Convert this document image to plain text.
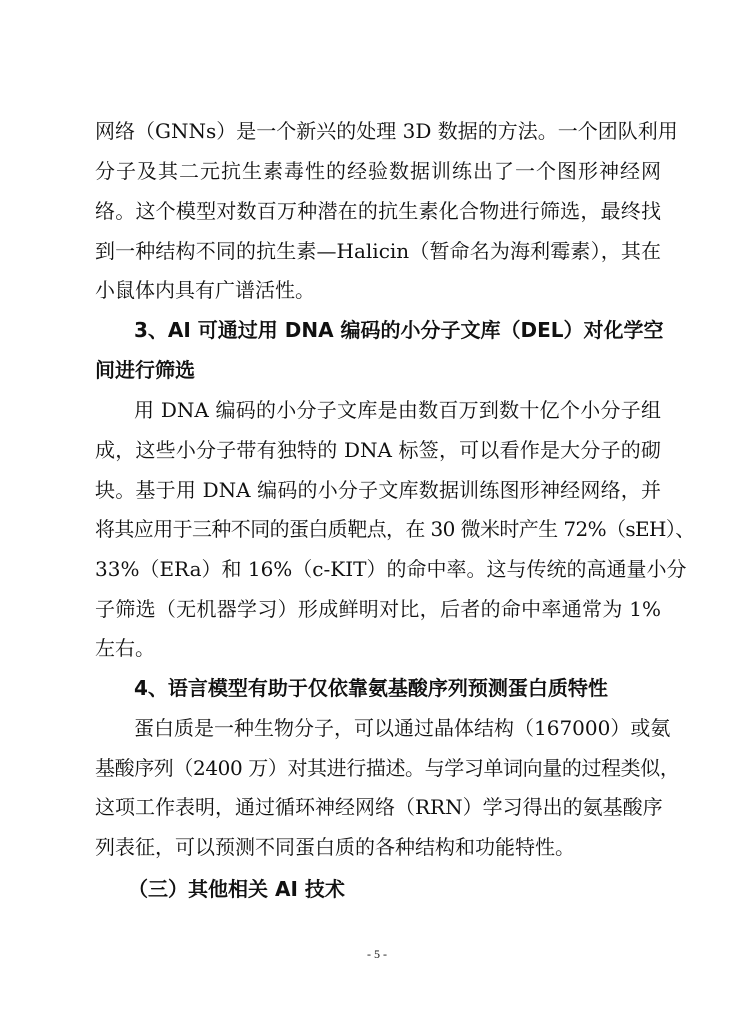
网络（GNNs）是一个新兴的处理 3D 数据的方法。一个团队利用
分子及其二元抗生素毒性的经验数据训练出了一个图形神经网
络。这个模型对数百万种潜在的抗生素化合物进行筛选，最终找
到一种结构不同的抗生素—Halicin（暂命名为海利霉素），其在
小鼠体内具有广谱活性。
3、AI 可通过用 DNA 编码的小分子文库（DEL）对化学空
间进行筛选
用 DNA 编码的小分子文库是由数百万到数十亿个小分子组
成，这些小分子带有独特的 DNA 标签，可以看作是大分子的砌
块。基于用 DNA 编码的小分子文库数据训练图形神经网络，并
将其应用于三种不同的蛋白质靶点，在 30 微米时产生 72%（sEH）、
33%（ERa）和 16%（c-KIT）的命中率。这与传统的高通量小分
子筛选（无机器学习）形成鲜明对比，后者的命中率通常为 1%
左右。
4、语言模型有助于仅依靠氨基酸序列预测蛋白质特性
蛋白质是一种生物分子，可以通过晶体结构（167000）或氨
基酸序列（2400 万）对其进行描述。与学习单词向量的过程类似，
这项工作表明，通过循环神经网络（RRN）学习得出的氨基酸序
列表征，可以预测不同蛋白质的各种结构和功能特性。
（三）其他相关 AI 技术
- 5 -
